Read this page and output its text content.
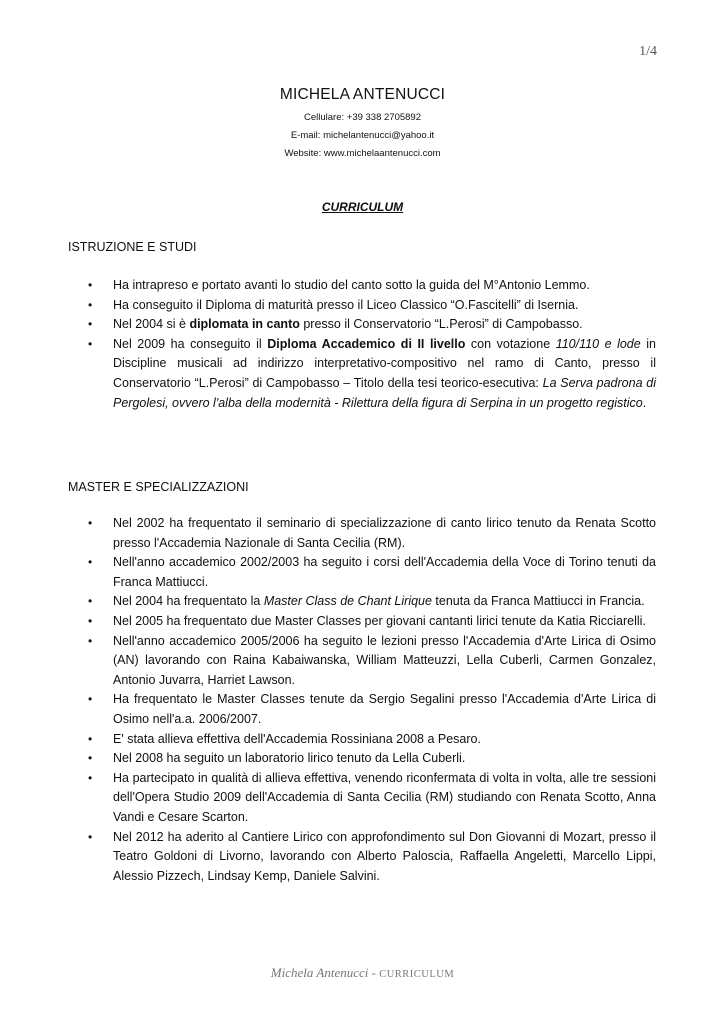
1/4

MICHELA ANTENUCCI

Cellulare: +39 338 2705892

E-mail: michelantenucci@yahoo.it

Website: www.michelaantenucci.com

CURRICULUM
ISTRUZIONE E STUDI
• Ha intrapreso e portato avanti lo studio del canto sotto la guida del M°Antonio Lemmo.
• Ha conseguito il Diploma di maturità presso il Liceo Classico “O.Fascitelli” di Isernia.
• Nel 2004 si è diplomata in canto presso il Conservatorio “L.Perosi” di Campobasso.
• Nel 2009 ha conseguito il Diploma Accademico di II livello con votazione 110/110 e lode in Discipline musicali ad indirizzo interpretativo-compositivo nel ramo di Canto, presso il Conservatorio “L.Perosi” di Campobasso – Titolo della tesi teorico-esecutiva: La Serva padrona di Pergolesi, ovvero l'alba della modernità - Rilettura della figura di Serpina in un progetto registico.
MASTER E SPECIALIZZAZIONI
• Nel 2002 ha frequentato il seminario di specializzazione di canto lirico tenuto da Renata Scotto presso l'Accademia Nazionale di Santa Cecilia (RM).
• Nell'anno accademico 2002/2003 ha seguito i corsi dell'Accademia della Voce di Torino tenuti da Franca Mattiucci.
• Nel 2004 ha frequentato la Master Class de Chant Lirique tenuta da Franca Mattiucci in Francia.
• Nel 2005 ha frequentato due Master Classes per giovani cantanti lirici tenute da Katia Ricciarelli.
• Nell'anno accademico 2005/2006 ha seguito le lezioni presso l'Accademia d'Arte Lirica di Osimo (AN) lavorando con Raina Kabaiwanska, William Matteuzzi, Lella Cuberli, Carmen Gonzalez, Antonio Juvarra, Harriet Lawson.
• Ha frequentato le Master Classes tenute da Sergio Segalini presso l'Accademia d'Arte Lirica di Osimo nell'a.a. 2006/2007.
• E' stata allieva effettiva dell'Accademia Rossiniana 2008 a Pesaro.
• Nel 2008 ha seguito un laboratorio lirico tenuto da Lella Cuberli.
• Ha partecipato in qualità di allieva effettiva, venendo riconfermata di volta in volta, alle tre sessioni dell'Opera Studio 2009 dell'Accademia di Santa Cecilia (RM) studiando con Renata Scotto, Anna Vandi e Cesare Scarton.
• Nel 2012 ha aderito al Cantiere Lirico con approfondimento sul Don Giovanni di Mozart, presso il Teatro Goldoni di Livorno, lavorando con Alberto Paloscia, Raffaella Angeletti, Marcello Lippi, Alessio Pizzech, Lindsay Kemp, Daniele Salvini.
Michela Antenucci - CURRICULUM
